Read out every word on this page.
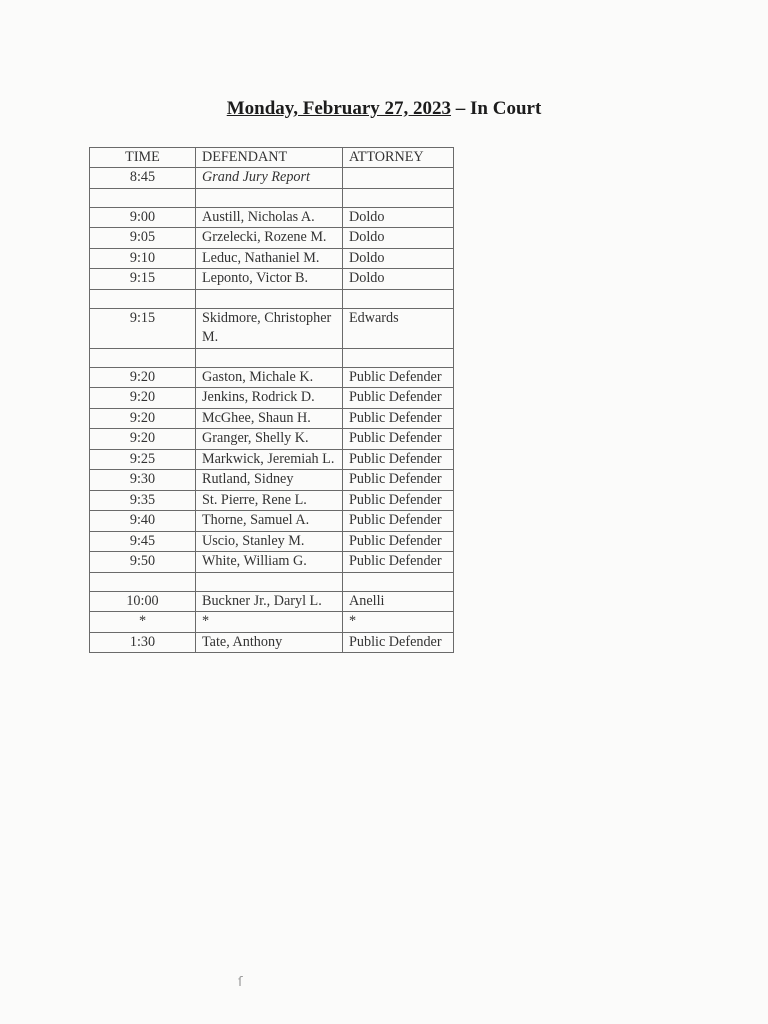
Monday, February 27, 2023 – In Court
TIME	DEFENDANT	ATTORNEY
8:45	Grand Jury Report	

9:00	Austill, Nicholas A.	Doldo
9:05	Grzelecki, Rozene M.	Doldo
9:10	Leduc, Nathaniel M.	Doldo
9:15	Leponto, Victor B.	Doldo

9:15	Skidmore, Christopher M.	Edwards

9:20	Gaston, Michale K.	Public Defender
9:20	Jenkins, Rodrick D.	Public Defender
9:20	McGhee, Shaun H.	Public Defender
9:20	Granger, Shelly K.	Public Defender
9:25	Markwick, Jeremiah L.	Public Defender
9:30	Rutland, Sidney	Public Defender
9:35	St. Pierre, Rene L.	Public Defender
9:40	Thorne, Samuel A.	Public Defender
9:45	Uscio, Stanley M.	Public Defender
9:50	White, William G.	Public Defender

10:00	Buckner Jr., Daryl L.	Anelli
*	*	*
1:30	Tate, Anthony	Public Defender
ſ
